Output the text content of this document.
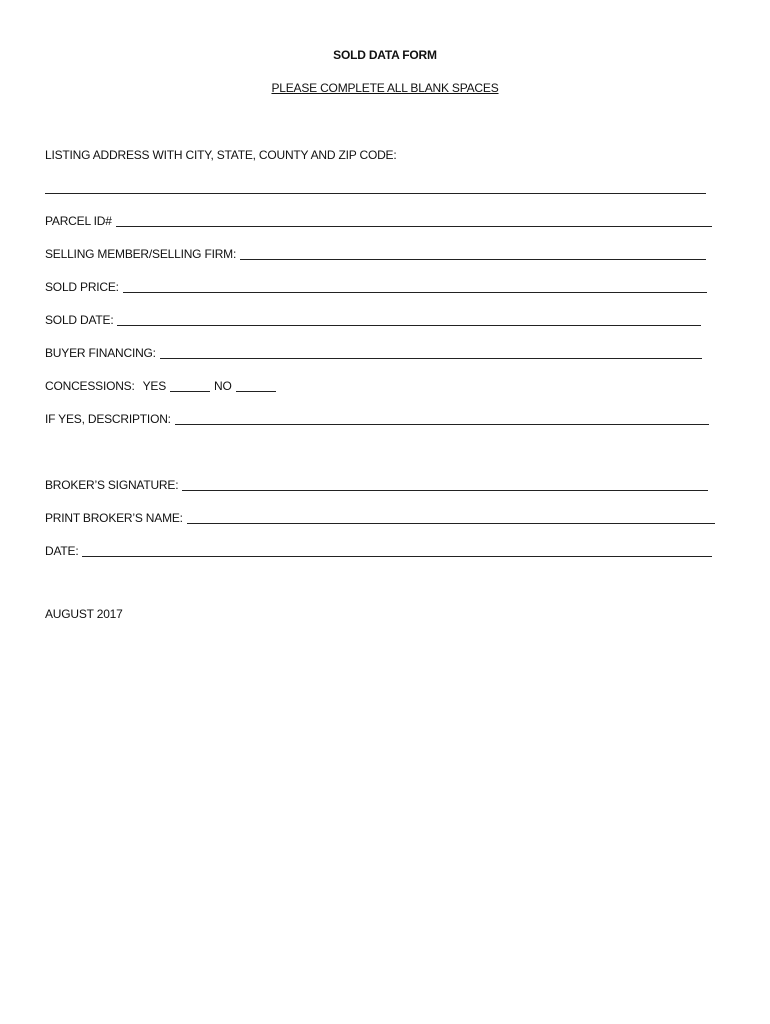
SOLD DATA FORM
PLEASE COMPLETE ALL BLANK SPACES
LISTING ADDRESS WITH CITY, STATE, COUNTY AND ZIP CODE:
PARCEL ID#
SELLING MEMBER/SELLING FIRM:
SOLD PRICE:
SOLD DATE:
BUYER FINANCING:
CONCESSIONS: YES	NO
IF YES, DESCRIPTION:
BROKER’S SIGNATURE:
PRINT BROKER’S NAME:
DATE:
AUGUST 2017
